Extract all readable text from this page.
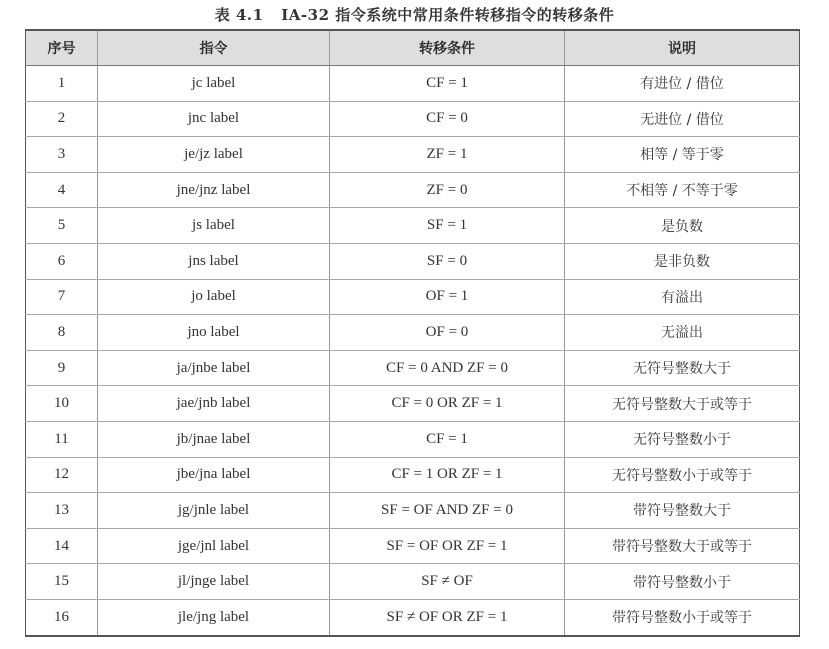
表 4.1 IA-32 指令系统中常用条件转移指令的转移条件
序号	指令	转移条件	说明
1	jc label	CF = 1	有进位 / 借位
2	jnc label	CF = 0	无进位 / 借位
3	je/jz label	ZF = 1	相等 / 等于零
4	jne/jnz label	ZF = 0	不相等 / 不等于零
5	js label	SF = 1	是负数
6	jns label	SF = 0	是非负数
7	jo label	OF = 1	有溢出
8	jno label	OF = 0	无溢出
9	ja/jnbe label	CF = 0 AND ZF = 0	无符号整数大于
10	jae/jnb label	CF = 0 OR ZF = 1	无符号整数大于或等于
11	jb/jnae label	CF = 1	无符号整数小于
12	jbe/jna label	CF = 1 OR ZF = 1	无符号整数小于或等于
13	jg/jnle label	SF = OF AND ZF = 0	带符号整数大于
14	jge/jnl label	SF = OF OR ZF = 1	带符号整数大于或等于
15	jl/jnge label	SF ≠ OF	带符号整数小于
16	jle/jng label	SF ≠ OF OR ZF = 1	带符号整数小于或等于
